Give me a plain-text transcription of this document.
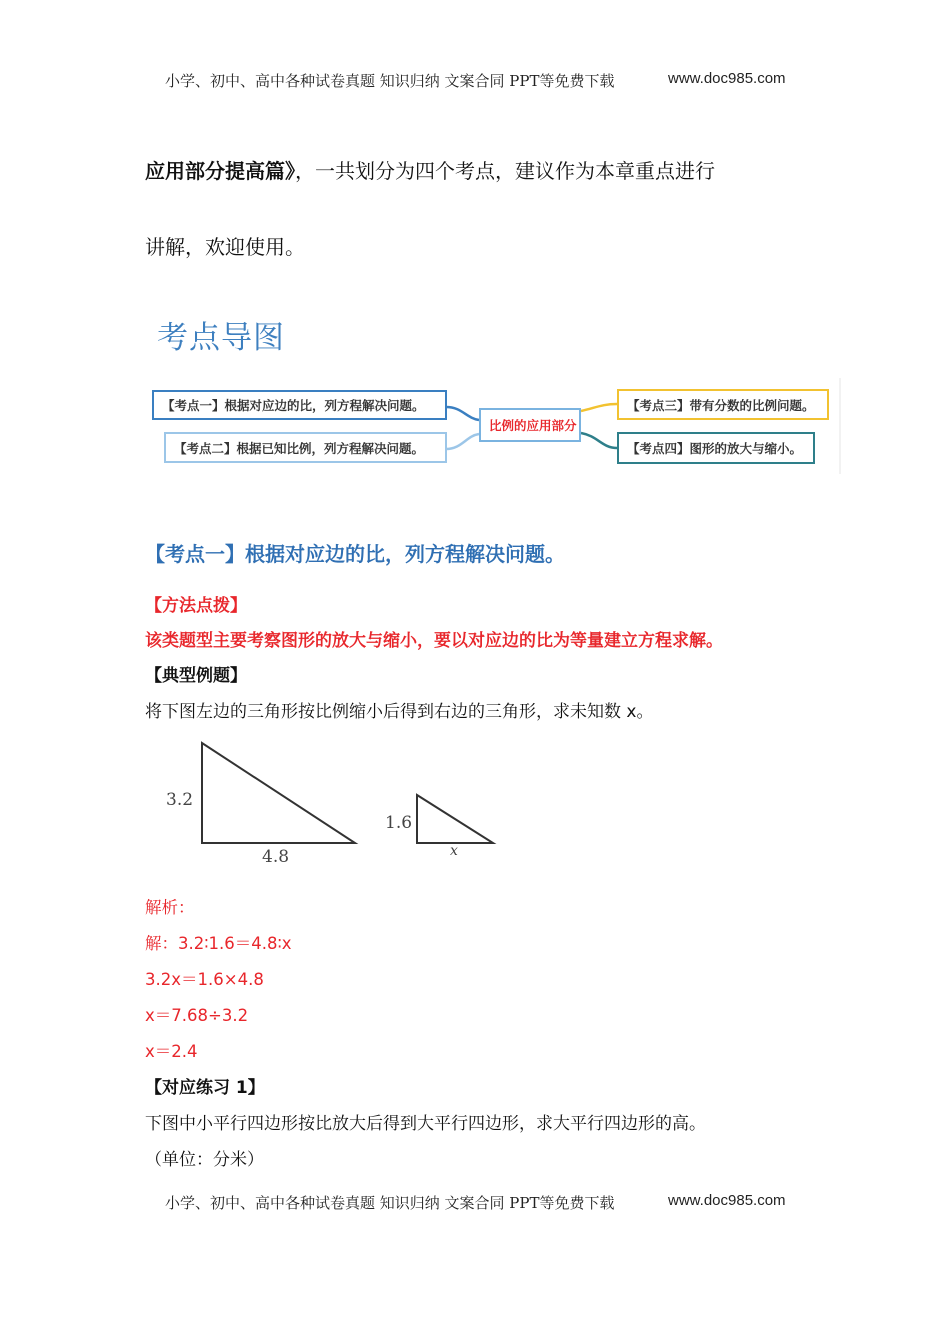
小学、初中、高中各种试卷真题 知识归纳 文案合同 PPT等免费下载	www.doc985.com
应用部分提高篇》，一共划分为四个考点，建议作为本章重点进行
讲解，欢迎使用。
考点导图
【考点一】根据对应边的比，列方程解决问题。
【考点二】根据已知比例，列方程解决问题。
比例的应用部分
【考点三】带有分数的比例问题。
【考点四】图形的放大与缩小。
【考点一】根据对应边的比，列方程解决问题。
【方法点拨】
该类题型主要考察图形的放大与缩小，要以对应边的比为等量建立方程求解。
【典型例题】
将下图左边的三角形按比例缩小后得到右边的三角形，求未知数 x。
3.2
4.8
1.6
x
解析：
解：3.2∶1.6＝4.8∶x
3.2x＝1.6×4.8
x＝7.68÷3.2
x＝2.4
【对应练习 1】
下图中小平行四边形按比放大后得到大平行四边形，求大平行四边形的高。
（单位：分米）
小学、初中、高中各种试卷真题 知识归纳 文案合同 PPT等免费下载	www.doc985.com
